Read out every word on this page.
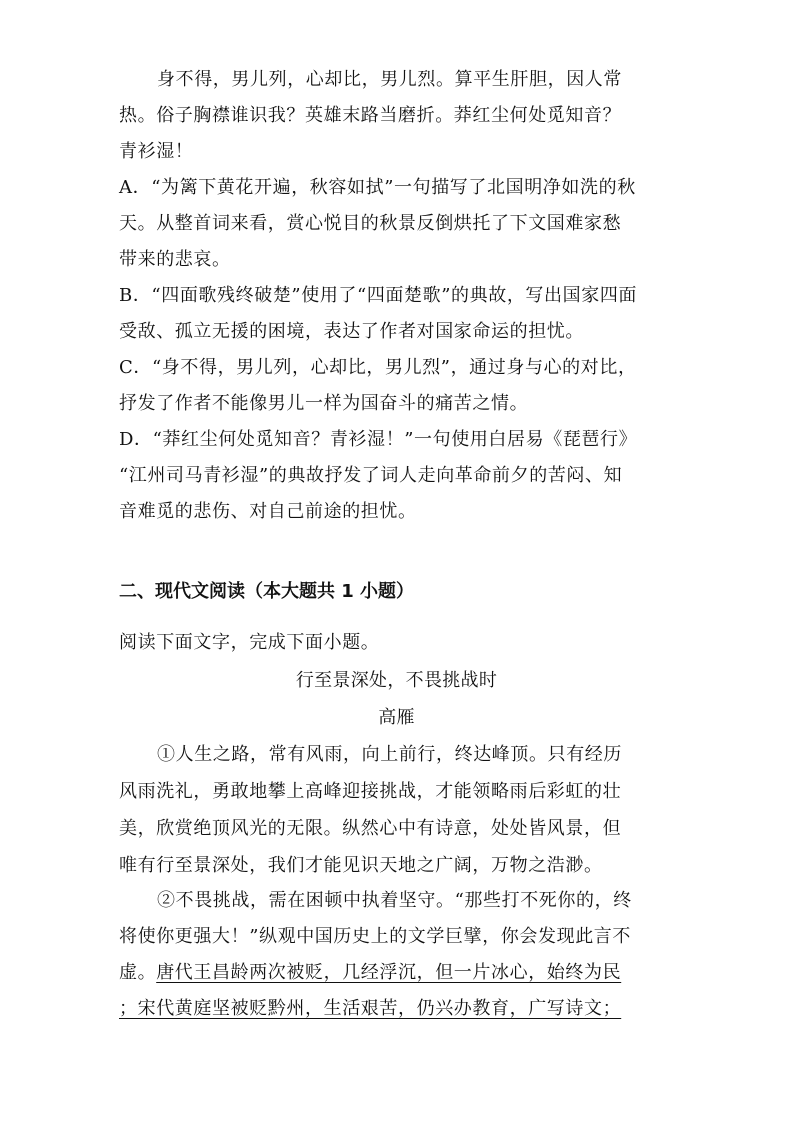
身不得，男儿列，心却比，男儿烈。算平生肝胆，因人常
热。俗子胸襟谁识我？英雄末路当磨折。莽红尘何处觅知音？
青衫湿！
A．“为篱下黄花开遍，秋容如拭”一句描写了北国明净如洗的秋
天。从整首词来看，赏心悦目的秋景反倒烘托了下文国难家愁
带来的悲哀。
B．“四面歌残终破楚”使用了“四面楚歌”的典故，写出国家四面
受敌、孤立无援的困境，表达了作者对国家命运的担忧。
C．“身不得，男儿列，心却比，男儿烈”，通过身与心的对比，
抒发了作者不能像男儿一样为国奋斗的痛苦之情。
D．“莽红尘何处觅知音？青衫湿！”一句使用白居易《琵琶行》
“江州司马青衫湿”的典故抒发了词人走向革命前夕的苦闷、知
音难觅的悲伤、对自己前途的担忧。
二、现代文阅读（本大题共 1 小题）
阅读下面文字，完成下面小题。
行至景深处，不畏挑战时
高雁
①人生之路，常有风雨，向上前行，终达峰顶。只有经历
风雨洗礼，勇敢地攀上高峰迎接挑战，才能领略雨后彩虹的壮
美，欣赏绝顶风光的无限。纵然心中有诗意，处处皆风景，但
唯有行至景深处，我们才能见识天地之广阔，万物之浩渺。
②不畏挑战，需在困顿中执着坚守。“那些打不死你的，终
将使你更强大！”纵观中国历史上的文学巨擘，你会发现此言不
虚。唐代王昌龄两次被贬，几经浮沉，但一片冰心，始终为民
；宋代黄庭坚被贬黔州，生活艰苦，仍兴办教育，广写诗文；
